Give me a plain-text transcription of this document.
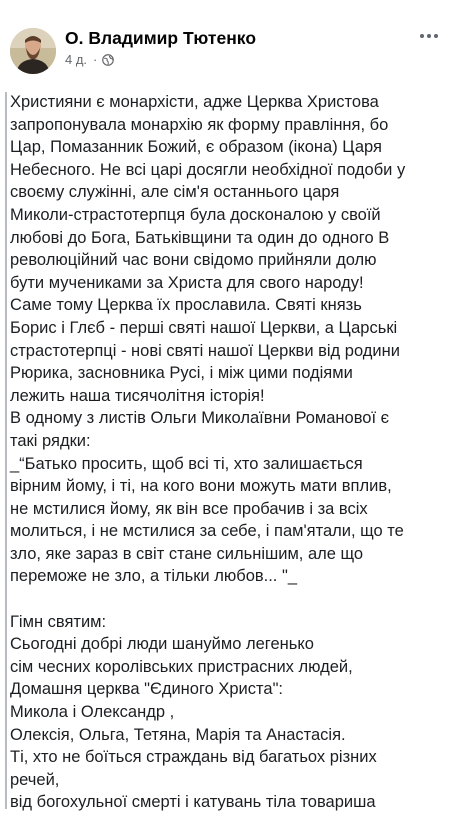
О. Владимир Тютенко
4 д. ·
Християни є монархісти, адже Церква Христова
запропонувала монархію як форму правління, бо
Цар, Помазанник Божий, є образом (ікона) Царя
Небесного. Не всі царі досягли необхідної подоби у
своєму служінні, але сім'я останнього царя
Миколи-страстотерпця була досконалою у своїй
любові до Бога, Батьківщини та один до одного В
революційний час вони свідомо прийняли долю
бути мучениками за Христа для свого народу!
Саме тому Церква їх прославила. Святі князь
Борис і Глєб - перші святі нашої Церкви, а Царські
страстотерпці - нові святі нашої Церкви від родини
Рюрика, засновника Русі, і між цими подіями
лежить наша тисячолітня історія!
В одному з листів Ольги Миколаївни Романової є
такі рядки:
_“Батько просить, щоб всі ті, хто залишається
вірним йому, і ті, на кого вони можуть мати вплив,
не мстилися йому, як він все пробачив і за всіх
молиться, і не мстилися за себе, і пам'ятали, що те
зло, яке зараз в світ стане сильнішим, але що
переможе не зло, а тільки любов... "_
Гімн святим:
Сьогодні добрі люди шануймо легенько
сім чесних королівських пристрасних людей,
Домашня церква "Єдиного Христа":
Микола і Олександр ,
Олексія, Ольга, Тетяна, Марія та Анастасія.
Ті, хто не боїться страждань від багатьох різних
речей,
від богохульної смерті і катувань тіла товариша
